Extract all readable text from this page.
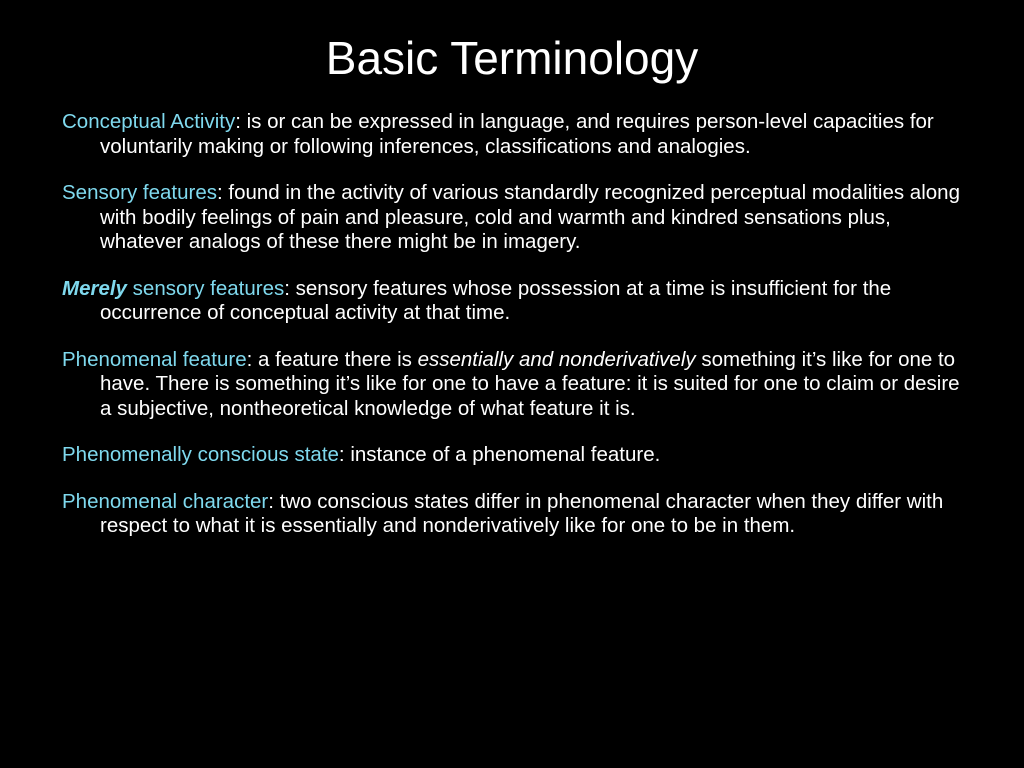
Basic Terminology
Conceptual Activity: is or can be expressed in language, and requires person-level capacities for voluntarily making or following inferences, classifications and analogies.
Sensory features: found in the activity of various standardly recognized perceptual modalities along with bodily feelings of pain and pleasure, cold and warmth and kindred sensations plus, whatever analogs of these there might be in imagery.
Merely sensory features: sensory features whose possession at a time is insufficient for the occurrence of conceptual activity at that time.
Phenomenal feature: a feature there is essentially and nonderivatively something it’s like for one to have. There is something it’s like for one to have a feature: it is suited for one to claim or desire a subjective, nontheoretical knowledge of what feature it is.
Phenomenally conscious state: instance of a phenomenal feature.
Phenomenal character: two conscious states differ in phenomenal character when they differ with respect to what it is essentially and nonderivatively like for one to be in them.
